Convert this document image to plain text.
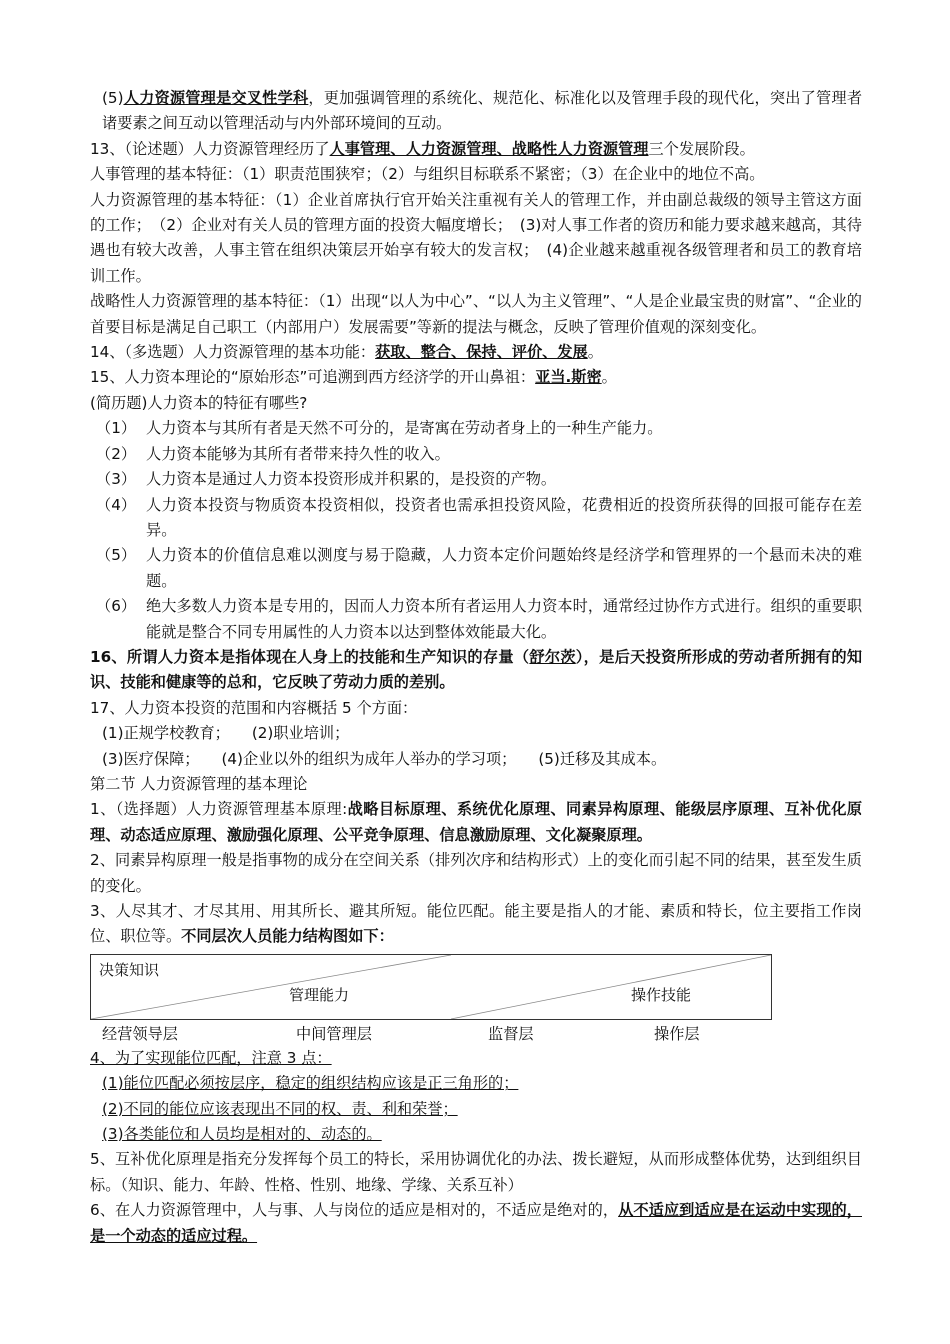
(5)人力资源管理是交叉性学科，更加强调管理的系统化、规范化、标准化以及管理手段的现代化，突出了管理者诸要素之间互动以管理活动与内外部环境间的互动。

13、（论述题）人力资源管理经历了人事管理、人力资源管理、战略性人力资源管理三个发展阶段。

人事管理的基本特征：（1）职责范围狭窄；（2）与组织目标联系不紧密；（3）在企业中的地位不高。

人力资源管理的基本特征：（1）企业首席执行官开始关注重视有关人的管理工作，并由副总裁级的领导主管这方面的工作；　（2）企业对有关人员的管理方面的投资大幅度增长；　(3)对人事工作者的资历和能力要求越来越高，其待遇也有较大改善，人事主管在组织决策层开始享有较大的发言权；　(4)企业越来越重视各级管理者和员工的教育培训工作。

战略性人力资源管理的基本特征：（1）出现“以人为中心”、“以人为主义管理”、“人是企业最宝贵的财富”、“企业的首要目标是满足自己职工（内部用户）发展需要”等新的提法与概念，反映了管理价值观的深刻变化。

14、（多选题）人力资源管理的基本功能：获取、整合、保持、评价、发展。

15、人力资本理论的“原始形态”可追溯到西方经济学的开山鼻祖：亚当.斯密。

(简历题)人力资本的特征有哪些?

（1） 人力资本与其所有者是天然不可分的，是寄寓在劳动者身上的一种生产能力。
（2） 人力资本能够为其所有者带来持久性的收入。
（3） 人力资本是通过人力资本投资形成并积累的，是投资的产物。
（4） 人力资本投资与物质资本投资相似，投资者也需承担投资风险，花费相近的投资所获得的回报可能存在差异。
（5） 人力资本的价值信息难以测度与易于隐藏，人力资本定价问题始终是经济学和管理界的一个悬而未决的难题。
（6） 绝大多数人力资本是专用的，因而人力资本所有者运用人力资本时，通常经过协作方式进行。组织的重要职能就是整合不同专用属性的人力资本以达到整体效能最大化。

16、所谓人力资本是指体现在人身上的技能和生产知识的存量（舒尔茨），是后天投资所形成的劳动者所拥有的知识、技能和健康等的总和，它反映了劳动力质的差别。

17、人力资本投资的范围和内容概括 5 个方面：

(1)正规学校教育； (2)职业培训；

(3)医疗保障； (4)企业以外的组织为成年人举办的学习项； (5)迁移及其成本。

第二节 人力资源管理的基本理论

1、（选择题）人力资源管理基本原理:战略目标原理、系统优化原理、同素异构原理、能级层序原理、互补优化原理、动态适应原理、激励强化原理、公平竞争原理、信息激励原理、文化凝聚原理。

2、同素异构原理一般是指事物的成分在空间关系（排列次序和结构形式）上的变化而引起不同的结果，甚至发生质的变化。

3、人尽其才、才尽其用、用其所长、避其所短。能位匹配。能主要是指人的才能、素质和特长，位主要指工作岗位、职位等。不同层次人员能力结构图如下：

决策知识
管理能力	操作技能
经营领导层	中间管理层	监督层	操作层

4、为了实现能位匹配，注意 3 点：

(1)能位匹配必须按层序，稳定的组织结构应该是正三角形的；

(2)不同的能位应该表现出不同的权、责、利和荣誉；

(3)各类能位和人员均是相对的、动态的。

5、互补优化原理是指充分发挥每个员工的特长，采用协调优化的办法、拨长避短，从而形成整体优势，达到组织目标。（知识、能力、年龄、性格、性别、地缘、学缘、关系互补）

6、在人力资源管理中，人与事、人与岗位的适应是相对的，不适应是绝对的，从不适应到适应是在运动中实现的，是一个动态的适应过程。
